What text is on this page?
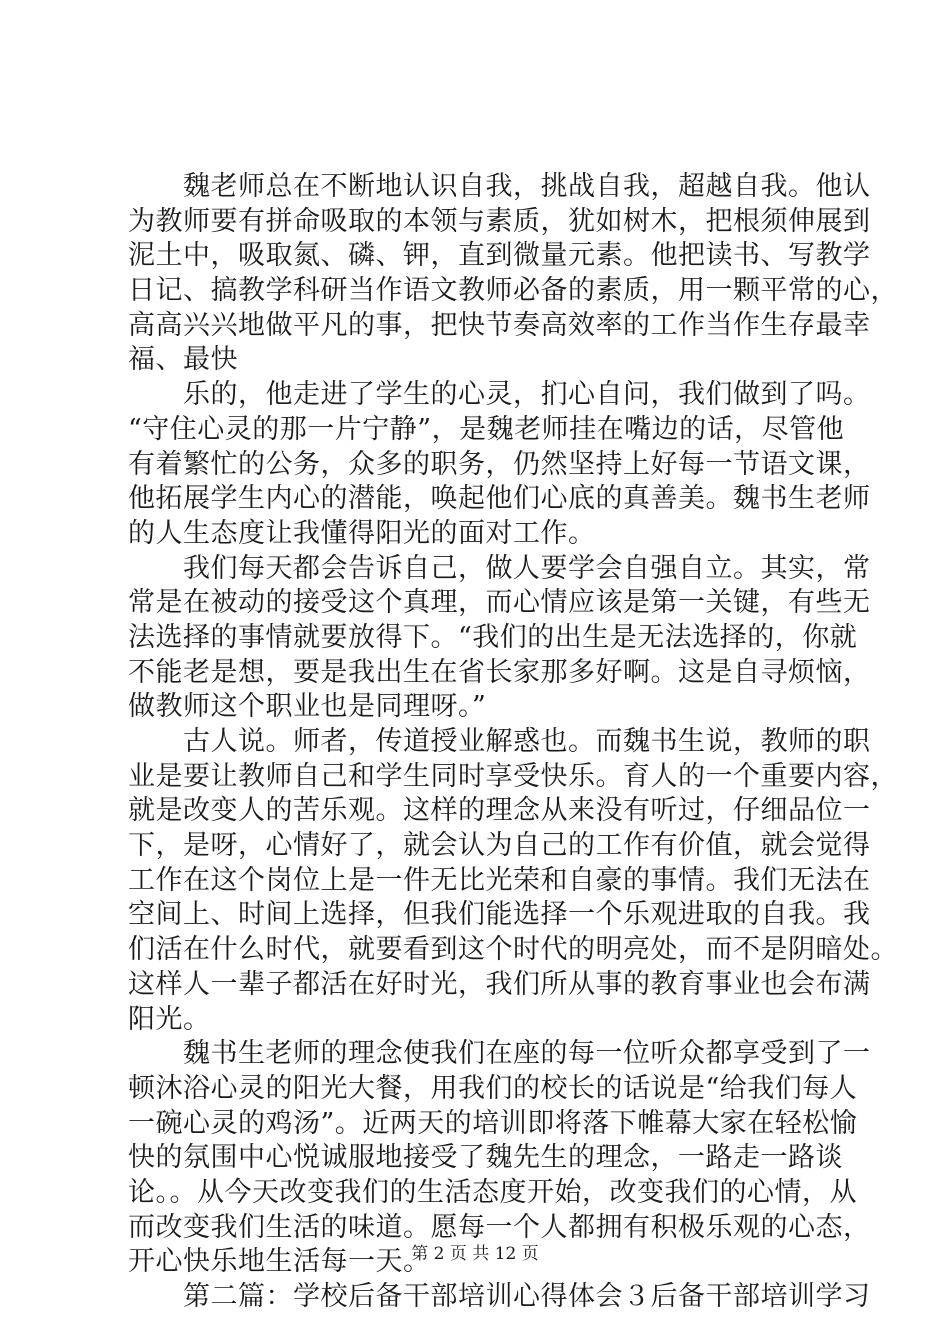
　　魏老师总在不断地认识自我，挑战自我，超越自我。他认
为教师要有拼命吸取的本领与素质，犹如树木，把根须伸展到
泥土中，吸取氮、磷、钾，直到微量元素。他把读书、写教学
日记、搞教学科研当作语文教师必备的素质，用一颗平常的心，
高高兴兴地做平凡的事，把快节奏高效率的工作当作生存最幸
福、最快
　　乐的，他走进了学生的心灵，扪心自问，我们做到了吗。
“守住心灵的那一片宁静”，是魏老师挂在嘴边的话，尽管他
有着繁忙的公务，众多的职务，仍然坚持上好每一节语文课，
他拓展学生内心的潜能，唤起他们心底的真善美。魏书生老师
的人生态度让我懂得阳光的面对工作。
　　我们每天都会告诉自己，做人要学会自强自立。其实，常
常是在被动的接受这个真理，而心情应该是第一关键，有些无
法选择的事情就要放得下。“我们的出生是无法选择的，你就
不能老是想，要是我出生在省长家那多好啊。这是自寻烦恼，
做教师这个职业也是同理呀。”
　　古人说。师者，传道授业解惑也。而魏书生说，教师的职
业是要让教师自己和学生同时享受快乐。育人的一个重要内容，
就是改变人的苦乐观。这样的理念从来没有听过，仔细品位一
下，是呀，心情好了，就会认为自己的工作有价值，就会觉得
工作在这个岗位上是一件无比光荣和自豪的事情。我们无法在
空间上、时间上选择，但我们能选择一个乐观进取的自我。我
们活在什么时代，就要看到这个时代的明亮处，而不是阴暗处。
这样人一辈子都活在好时光，我们所从事的教育事业也会布满
阳光。
　　魏书生老师的理念使我们在座的每一位听众都享受到了一
顿沐浴心灵的阳光大餐，用我们的校长的话说是“给我们每人
一碗心灵的鸡汤”。近两天的培训即将落下帷幕大家在轻松愉
快的氛围中心悦诚服地接受了魏先生的理念，一路走一路谈
论。。从今天改变我们的生活态度开始，改变我们的心情，从
而改变我们生活的味道。愿每一个人都拥有积极乐观的心态，
开心快乐地生活每一天。
　　第二篇：学校后备干部培训心得体会３后备干部培训学习
第 2 页 共 12 页
